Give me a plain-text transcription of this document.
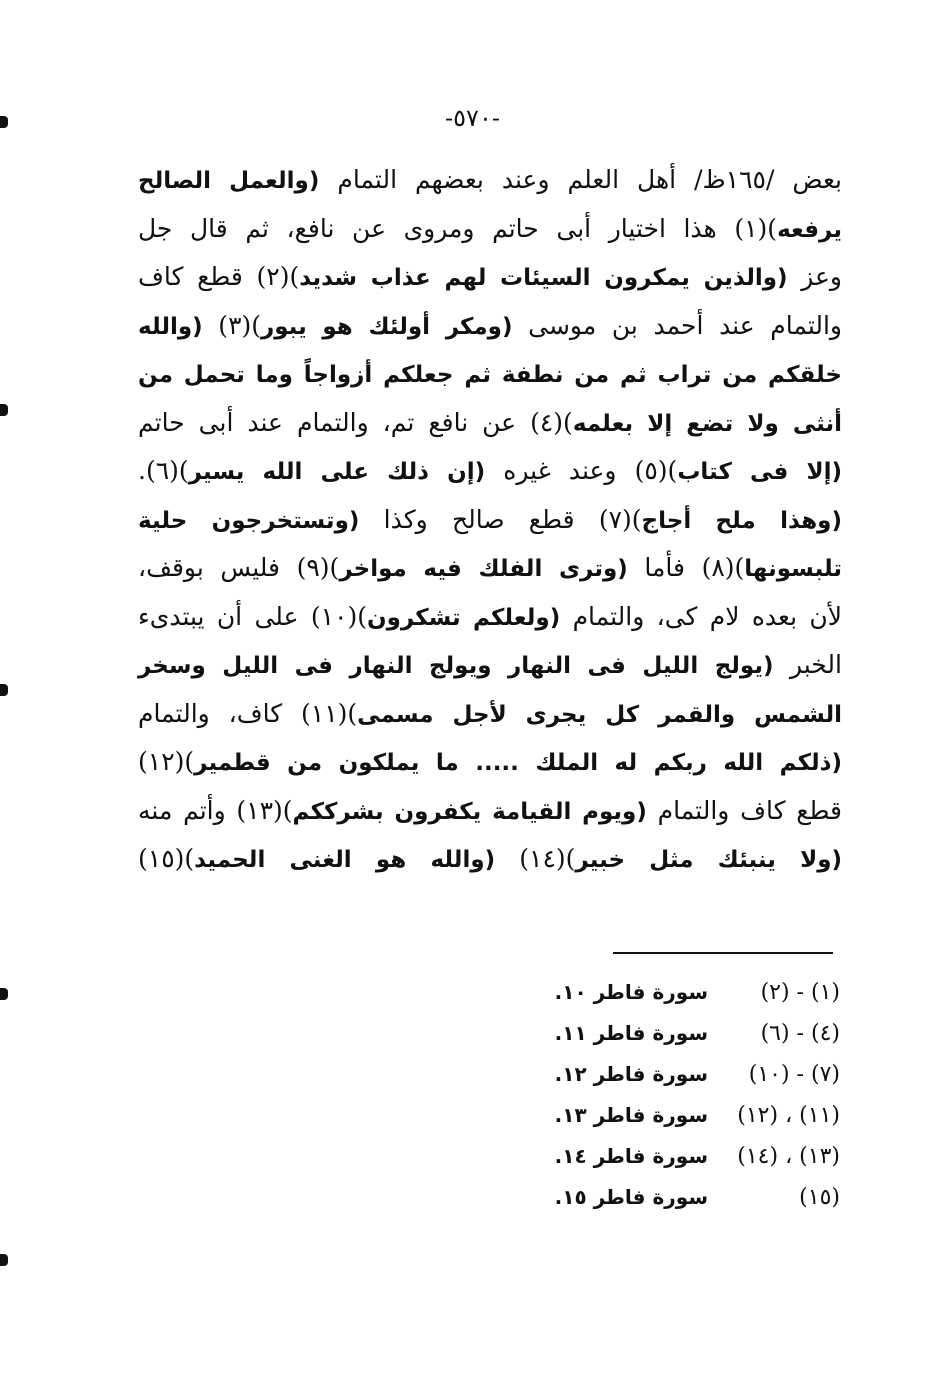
-٥٧٠-
بعض /١٦٥ظ/ أهل العلم وعند بعضهم التمام (والعمل الصالح
يرفعه)(١) هذا اختيار أبى حاتم ومروى عن نافع، ثم قال جل
وعز (والذين يمكرون السيئات لهم عذاب شديد)(٢) قطع كاف
والتمام عند أحمد بن موسى (ومكر أولئك هو يبور)(٣) (والله
خلقكم من تراب ثم من نطفة ثم جعلكم أزواجاً وما تحمل من
أنثى ولا تضع إلا بعلمه)(٤) عن نافع تم، والتمام عند أبى حاتم
(إلا فى كتاب)(٥) وعند غيره (إن ذلك على الله يسير)(٦).
(وهذا ملح أجاج)(٧) قطع صالح وكذا (وتستخرجون حلية
تلبسونها)(٨) فأما (وترى الفلك فيه مواخر)(٩) فليس بوقف،
لأن بعده لام كى، والتمام (ولعلكم تشكرون)(١٠) على أن يبتدىء
الخبر (يولج الليل فى النهار ويولج النهار فى الليل وسخر
الشمس والقمر كل يجرى لأجل مسمى)(١١) كاف، والتمام
(ذلكم الله ربكم له الملك ..... ما يملكون من قطمير)(١٢)
قطع كاف والتمام (ويوم القيامة يكفرون بشرككم)(١٣) وأتم منه
(ولا ينبئك مثل خبير)(١٤) (والله هو الغنى الحميد)(١٥)
(١) - (٢)
سورة فاطر ١٠.
(٤) - (٦)
سورة فاطر ١١.
(٧) - (١٠)
سورة فاطر ١٢.
(١١) ، (١٢)
سورة فاطر ١٣.
(١٣) ، (١٤)
سورة فاطر ١٤.
(١٥)
سورة فاطر ١٥.
